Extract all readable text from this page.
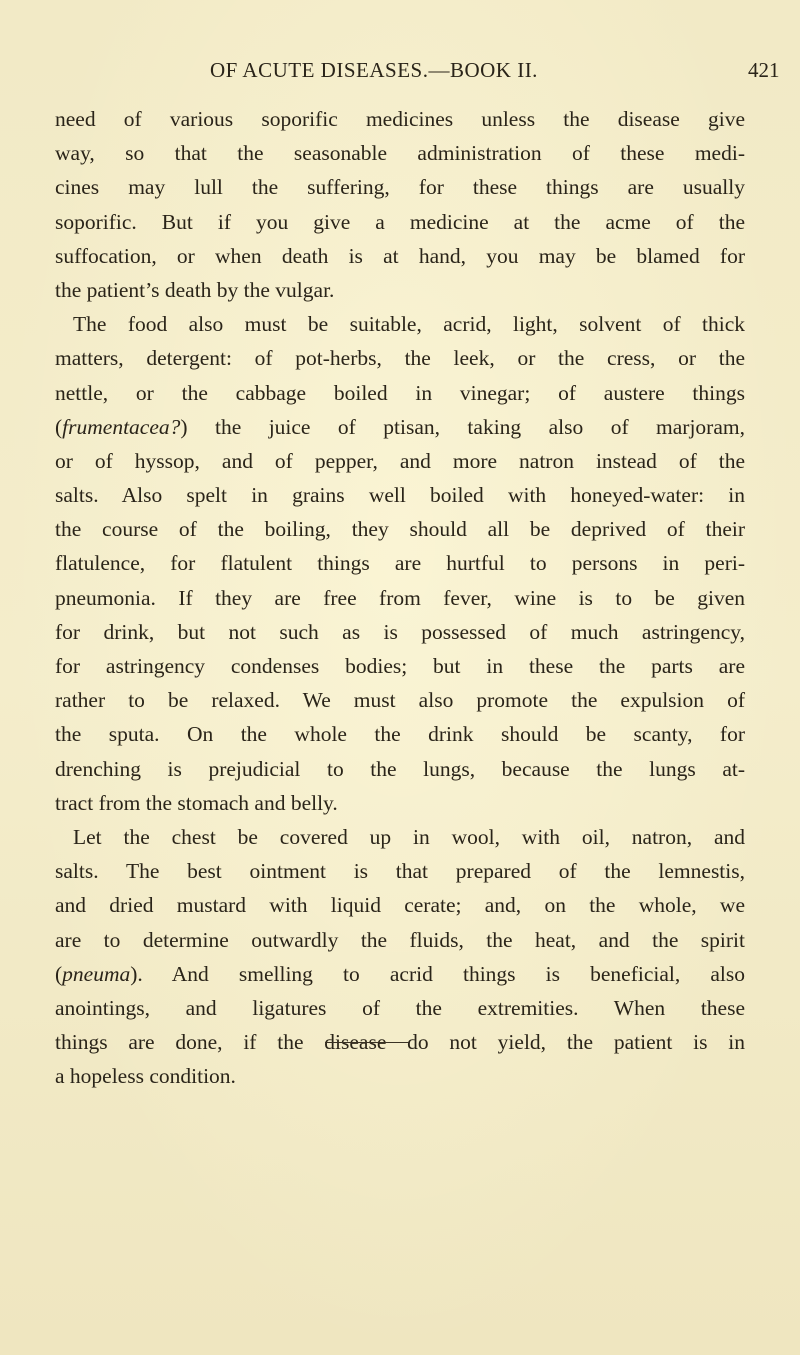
OF ACUTE DISEASES.—BOOK II.	421
need of various soporific medicines unless the disease give
way, so that the seasonable administration of these medi-
cines may lull the suffering, for these things are usually
soporific. But if you give a medicine at the acme of the
suffocation, or when death is at hand, you may be blamed for
the patient’s death by the vulgar.
The food also must be suitable, acrid, light, solvent of thick
matters, detergent: of pot-herbs, the leek, or the cress, or the
nettle, or the cabbage boiled in vinegar; of austere things
(frumentacea?) the juice of ptisan, taking also of marjoram,
or of hyssop, and of pepper, and more natron instead of the
salts. Also spelt in grains well boiled with honeyed-water: in
the course of the boiling, they should all be deprived of their
flatulence, for flatulent things are hurtful to persons in peri-
pneumonia. If they are free from fever, wine is to be given
for drink, but not such as is possessed of much astringency,
for astringency condenses bodies; but in these the parts are
rather to be relaxed. We must also promote the expulsion of
the sputa. On the whole the drink should be scanty, for
drenching is prejudicial to the lungs, because the lungs at-
tract from the stomach and belly.
Let the chest be covered up in wool, with oil, natron, and
salts. The best ointment is that prepared of the lemnestis,
and dried mustard with liquid cerate; and, on the whole, we
are to determine outwardly the fluids, the heat, and the spirit
(pneuma). And smelling to acrid things is beneficial, also
anointings, and ligatures of the extremities. When these
things are done, if the disease do not yield, the patient is in
a hopeless condition.
